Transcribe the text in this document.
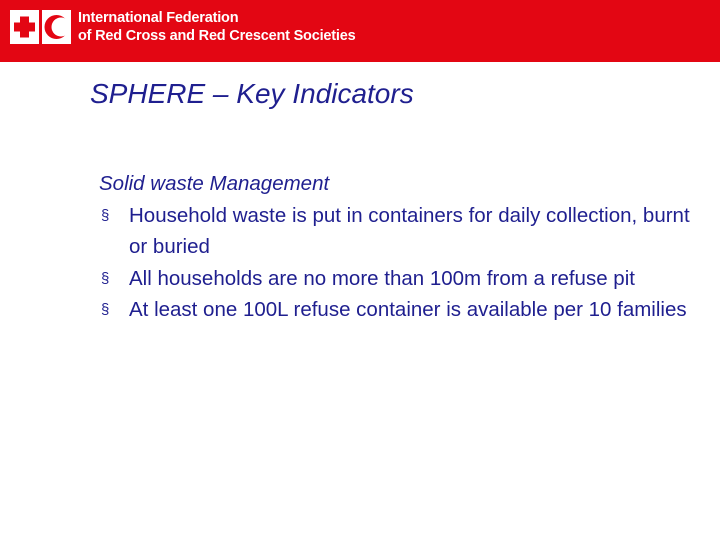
International Federation
of Red Cross and Red Crescent Societies
SPHERE – Key Indicators
Solid waste Management
§ Household waste is put in containers for daily collection, burnt or buried
§ All households are no more than 100m from a refuse pit
§ At least one 100L refuse container is available per 10 families
